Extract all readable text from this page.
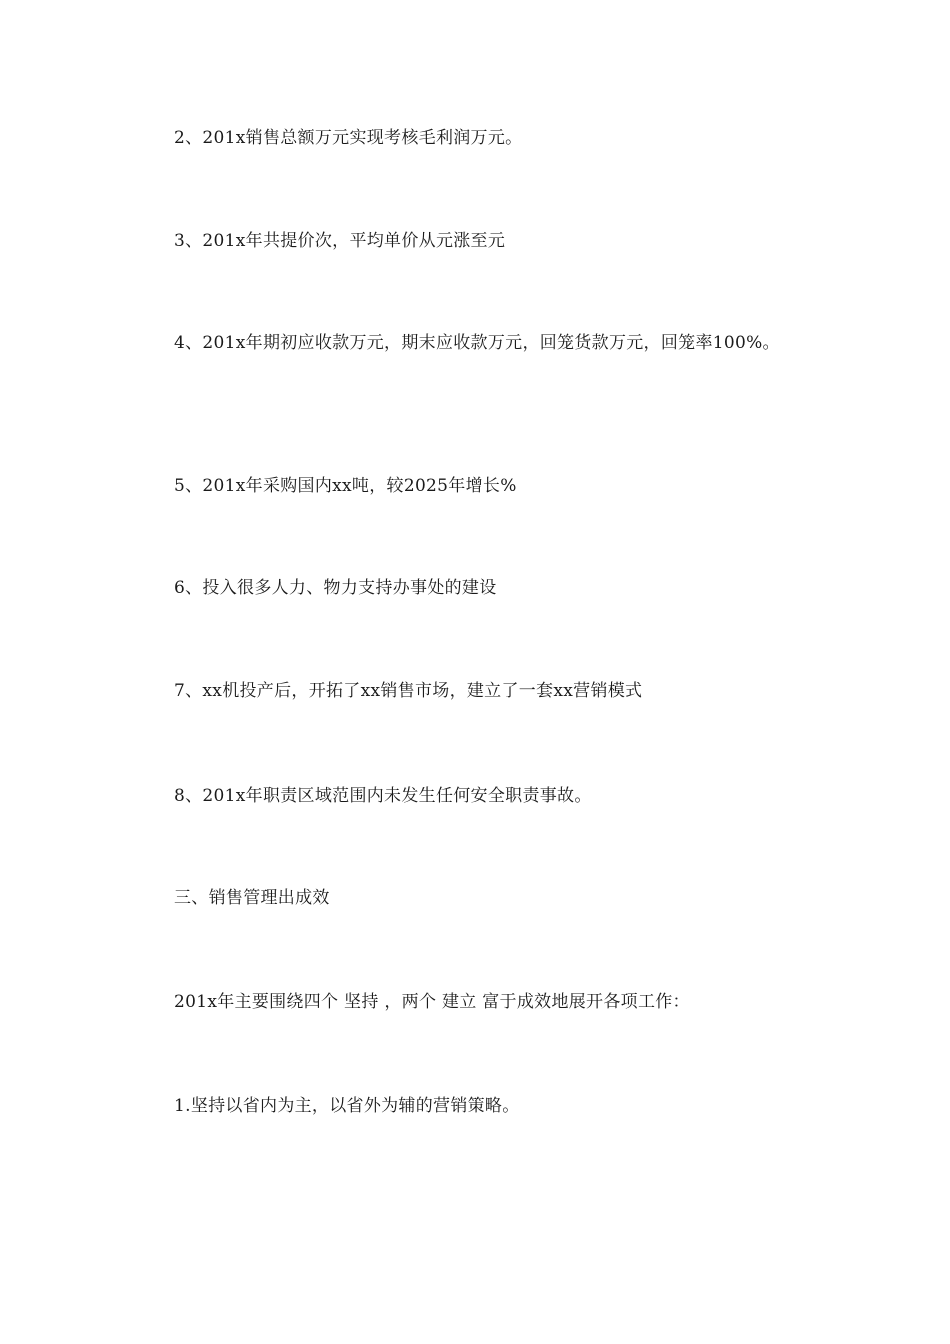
2、201x销售总额万元实现考核毛利润万元。
3、201x年共提价次，平均单价从元涨至元
4、201x年期初应收款万元，期末应收款万元，回笼货款万元，回笼率100%。
5、201x年采购国内xx吨，较2025年增长%
6、投入很多人力、物力支持办事处的建设
7、xx机投产后，开拓了xx销售市场，建立了一套xx营销模式
8、201x年职责区域范围内未发生任何安全职责事故。
三、销售管理出成效
201x年主要围绕四个 坚持 ，两个 建立 富于成效地展开各项工作：
1.坚持以省内为主，以省外为辅的营销策略。
